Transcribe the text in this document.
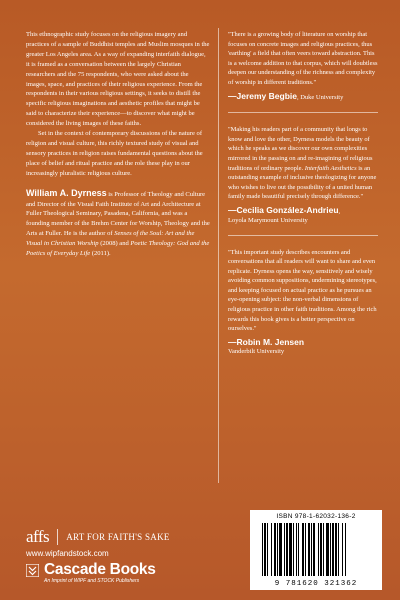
This ethnographic study focuses on the religious imagery and practices of a sample of Buddhist temples and Muslim mosques in the greater Los Angeles area. As a way of expanding interfaith dialogue, it is framed as a conversation between the largely Christian researchers and the 75 respondents, who were asked about the images, space, and practices of their religious experience. From the respondents in their various religious settings, it seeks to distill the specific religious imaginations and aesthetic profiles that might be said to characterize their experience—to discover what might be considered the living images of these faiths.

Set in the context of contemporary discussions of the nature of religion and visual culture, this richly textured study of visual and sensory practices in religion raises fundamental questions about the place of belief and ritual practice and the role these play in our increasingly pluralistic religious culture.

William A. Dyrness is Professor of Theology and Culture and Director of the Visual Faith Institute of Art and Architecture at Fuller Theological Seminary, Pasadena, California, and was a founding member of the Brehm Center for Worship, Theology and the Arts at Fuller. He is the author of Senses of the Soul: Art and the Visual in Christian Worship (2008) and Poetic Theology: God and the Poetics of Everyday Life (2011).

"There is a growing body of literature on worship that focuses on concrete images and religious practices, thus 'earthing' a field that often veers toward abstraction. This is a welcome addition to that corpus, which will doubtless deepen our understanding of the richness and complexity of worship in different traditions."

—Jeremy Begbie, Duke University

"Making his readers part of a community that longs to know and love the other, Dyrness models the beauty of which he speaks as we discover our own complexities mirrored in the passing on and re-imagining of religious traditions of ordinary people. Interfaith Aesthetics is an outstanding example of inclusive theologizing for anyone who wishes to live out the possibility of a united human family made beautiful precisely through difference."

—Cecilia González-Andrieu,
Loyola Marymount University

"This important study describes encounters and conversations that all readers will want to share and even replicate. Dyrness opens the way, sensitively and wisely avoiding common suppositions, undermining stereotypes, and keeping focused on actual practice as he pursues an eye-opening subject: the non-verbal dimensions of religious practice in other faith traditions. Among the rich rewards this book gives is a better perspective on ourselves."

—Robin M. Jensen
Vanderbilt University

affs ART FOR FAITH'S SAKE
www.wipfandstock.com
Cascade Books
An Imprint of WIPF and STOCK Publishers
ISBN 978-1-62032-136-2
9 781620 321362
